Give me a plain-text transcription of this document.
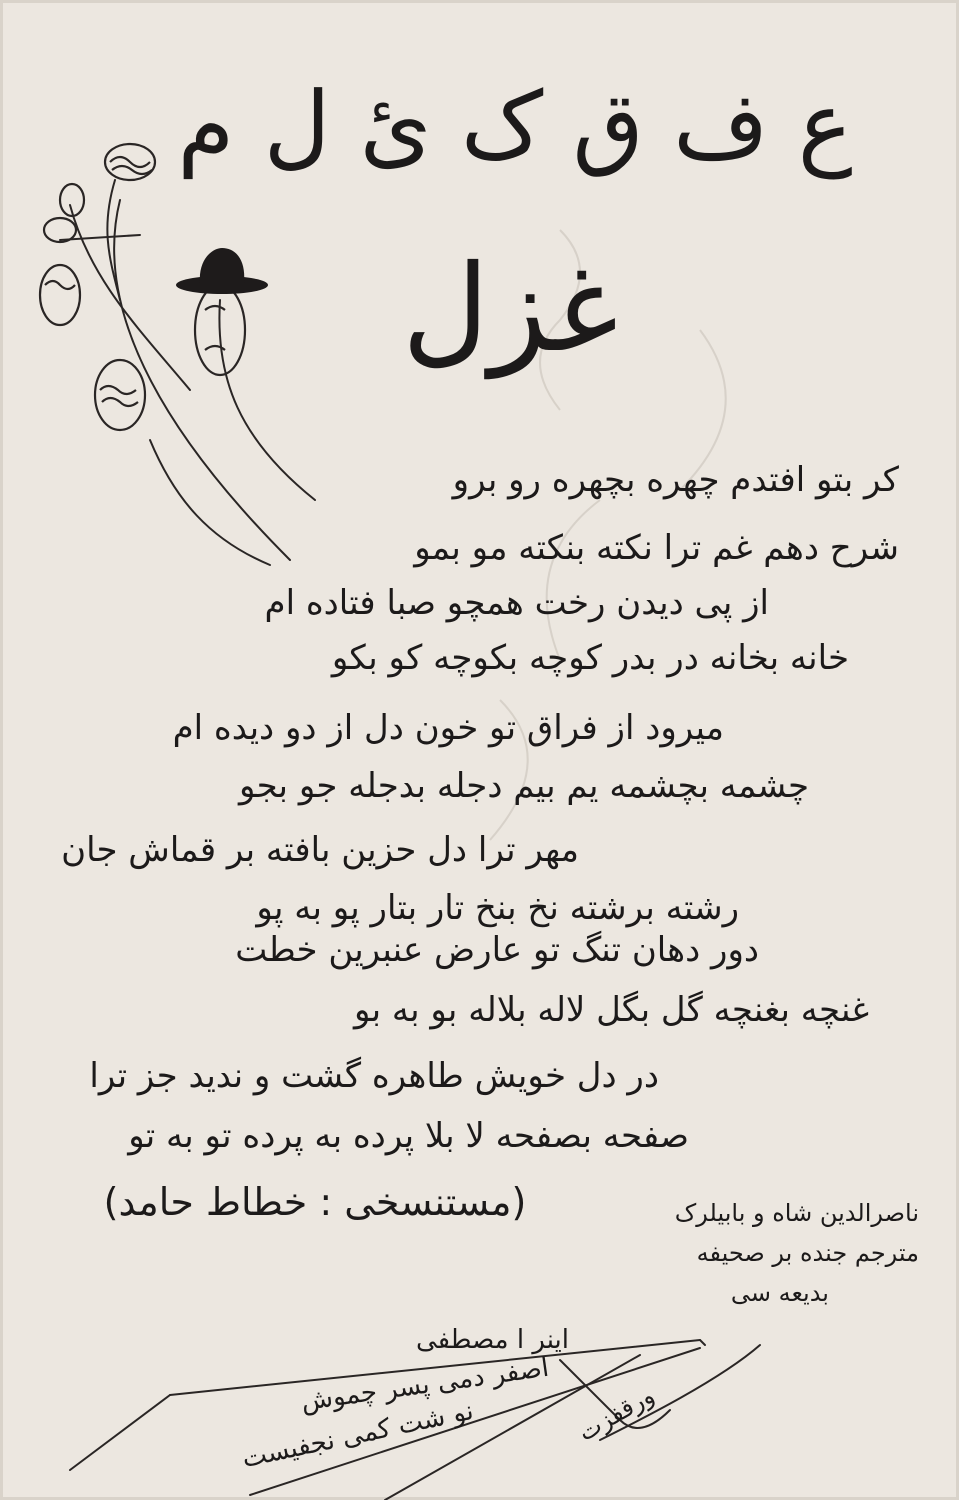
ع ف ق ک ئ ل م
غزل
کر بتو افتدم چهره بچهره رو برو
شرح دهم غم ترا نکته بنکته مو بمو
از پی دیدن رخت همچو صبا فتاده ام
خانه بخانه در بدر کوچه بکوچه کو بکو
میرود از فراق تو خون دل از دو دیده ام
چشمه بچشمه یم بیم دجله بدجله جو بجو
مهر ترا دل حزین بافته بر قماش جان
رشته برشته نخ بنخ تار بتار پو به پو
دور دهان تنگ تو عارض عنبرین خطت
غنچه بغنچه گل بگل لاله بلاله بو به بو
در دل خویش طاهره گشت و ندید جز ترا
صفحه بصفحه لا بلا پرده به پرده تو به تو
(مستنسخی : خطاط حامد)	ناصرالدین شاه و بابیلرک
مترجم جنده بر صحیفه
بدیعه سی
اینر ا مصطفی
اصفر دمی پسر چموش
نو شت کمی نجفیست	ورقفزت
